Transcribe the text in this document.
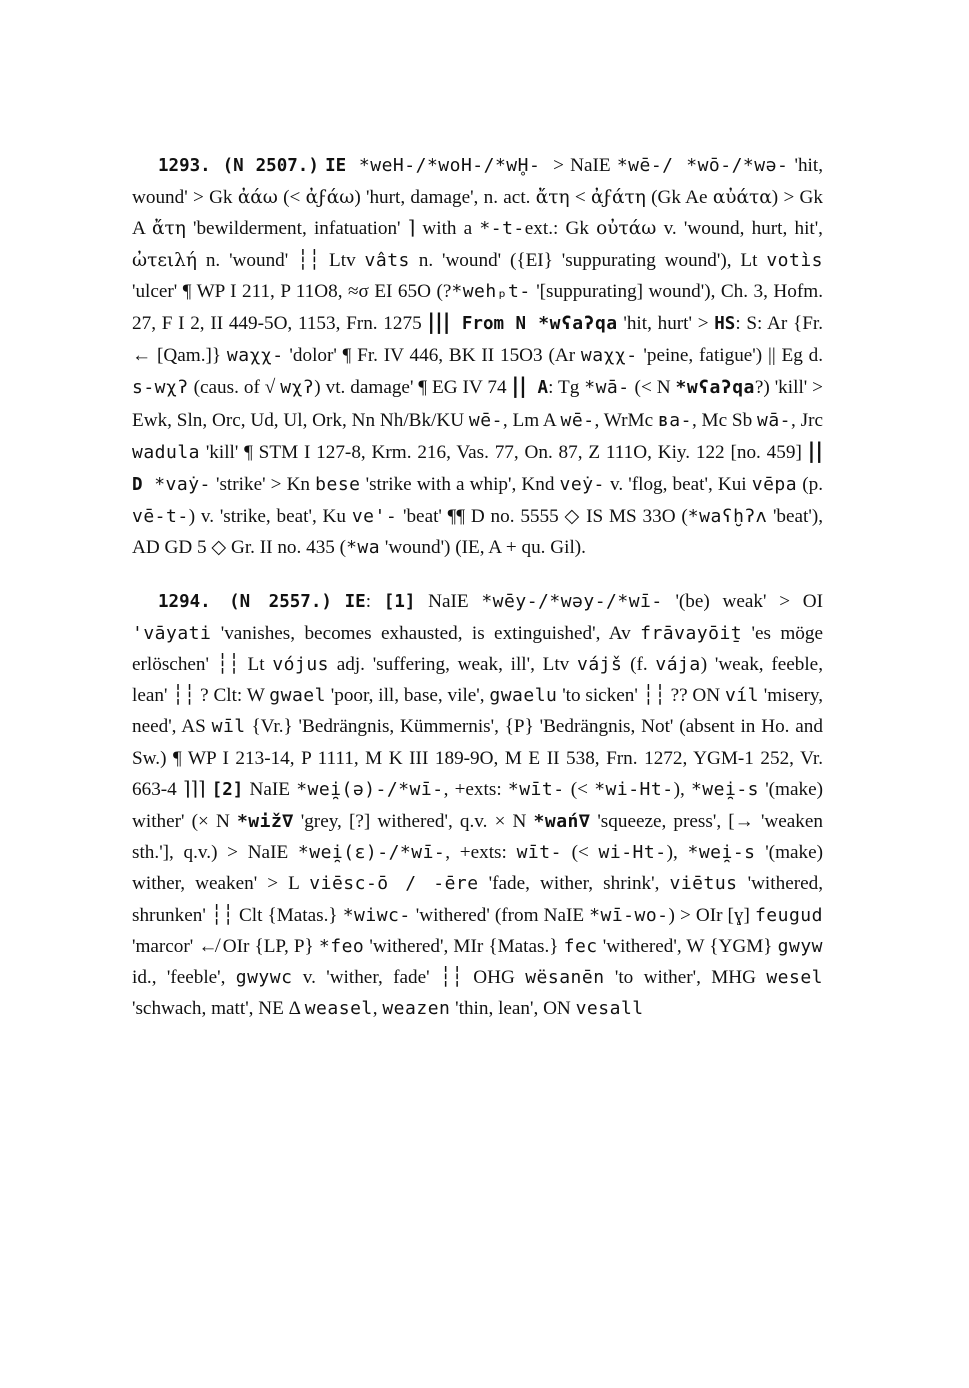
1293. (N 2507.) IE *weH-/*woH-/*wH̥- > NaIE *wē-/ *wō-/*wə- 'hit, wound' > Gk ἀάω (< ἀϝάω) 'hurt, damage', n. act. ἄτη < ἀϝάτη (Gk Ae αὐάτα) > Gk A ἄτη 'bewilderment, infatuation' ⌉ with a *-t-ext.: Gk οὐτάω v. 'wound, hurt, hit', ὠτειλή n. 'wound' ┆┆ Ltv vâts n. 'wound' ({EI} 'suppurating wound'), Lt votìs 'ulcer' ¶ WP I 211, P 11O8, ≈σ EI 65O (?*wehₚt- '[suppurating] wound'), Ch. 3, Hofm. 27, F I 2, II 449-5O, 1153, Frn. 1275 ||| From N *wʕaʔqa 'hit, hurt' > HS: S: Ar {Fr. ← [Qam.]} waχχ- 'dolor' ¶ Fr. IV 446, BK II 15O3 (Ar waχχ- 'peine, fatigue') || Eg d. s-wχʔ (caus. of √ wχʔ) vt. damage' ¶ EG IV 74 || A: Tg *wā- (< N *wʕaʔqa?) 'kill' > Ewk, Sln, Orc, Ud, Ul, Ork, Nn Nh/Bk/KU wē-, Lm A wē-, WrMc ʙa-, Mc Sb wā-, Jrc wadula 'kill' ¶ STM I 127-8, Krm. 216, Vas. 77, On. 87, Z 111O, Kiy. 122 [no. 459] || D *vaẏ- 'strike' > Kn bese 'strike with a whip', Knd veẏ- v. 'flog, beat', Kui vēpa (p. vē-t-) v. 'strike, beat', Ku ve'- 'beat' ¶¶ D no. 5555 ◇ IS MS 33O (*waʕḫʔʌ 'beat'), AD GD 5 ◇ Gr. II no. 435 (*wa 'wound') (IE, A + qu. Gil).

1294. (N 2557.) IE: [1] NaIE *wēy-/*wəy-/*wī- '(be) weak' > OI 'vāyati 'vanishes, becomes exhausted, is extinguished', Av frāvayōiṯ 'es möge erlöschen' ┆┆ Lt vójus adj. 'suffering, weak, ill', Ltv vájš (f. vája) 'weak, feeble, lean' ┆┆ ? Clt: W gwael 'poor, ill, base, vile', gwaelu 'to sicken' ┆┆ ?? ON víl 'misery, need', AS wīl {Vr.} 'Bedrängnis, Kümmernis', {P} 'Bedrängnis, Not' (absent in Ho. and Sw.) ¶ WP I 213-14, P 1111, M K III 189-9O, M E II 538, Frn. 1272, YGM-1 252, Vr. 663-4 ⌉⌉⌉ [2] NaIE *wei̯(ə)-/*wī-, +exts: *wīt- (< *wi-Ht-), *wei̯-s '(make) wither' (× N *wiž∇ 'grey, [?] withered', q.v. × N *wań∇ 'squeeze, press', [→ 'weaken sth.'], q.v.) > NaIE *wei̯(ɛ)-/*wī-, +exts: wīt- (< wi-Ht-), *wei̯-s '(make) wither, weaken' > L viēsc-ō / -ēre 'fade, wither, shrink', viētus 'withered, shrunken' ┆┆ Clt {Matas.} *wiwc- 'withered' (from NaIE *wī-wo-) > OIr [ɣ] feugud 'marcor' ↚ OIr {LP, P} *feo 'withered', MIr {Matas.} fec 'withered', W {YGM} gwyw id., 'feeble', gwywc v. 'wither, fade' ┆┆ OHG wësanēn 'to wither', MHG wesel 'schwach, matt', NE Δ weasel, weazen 'thin, lean', ON vesall
